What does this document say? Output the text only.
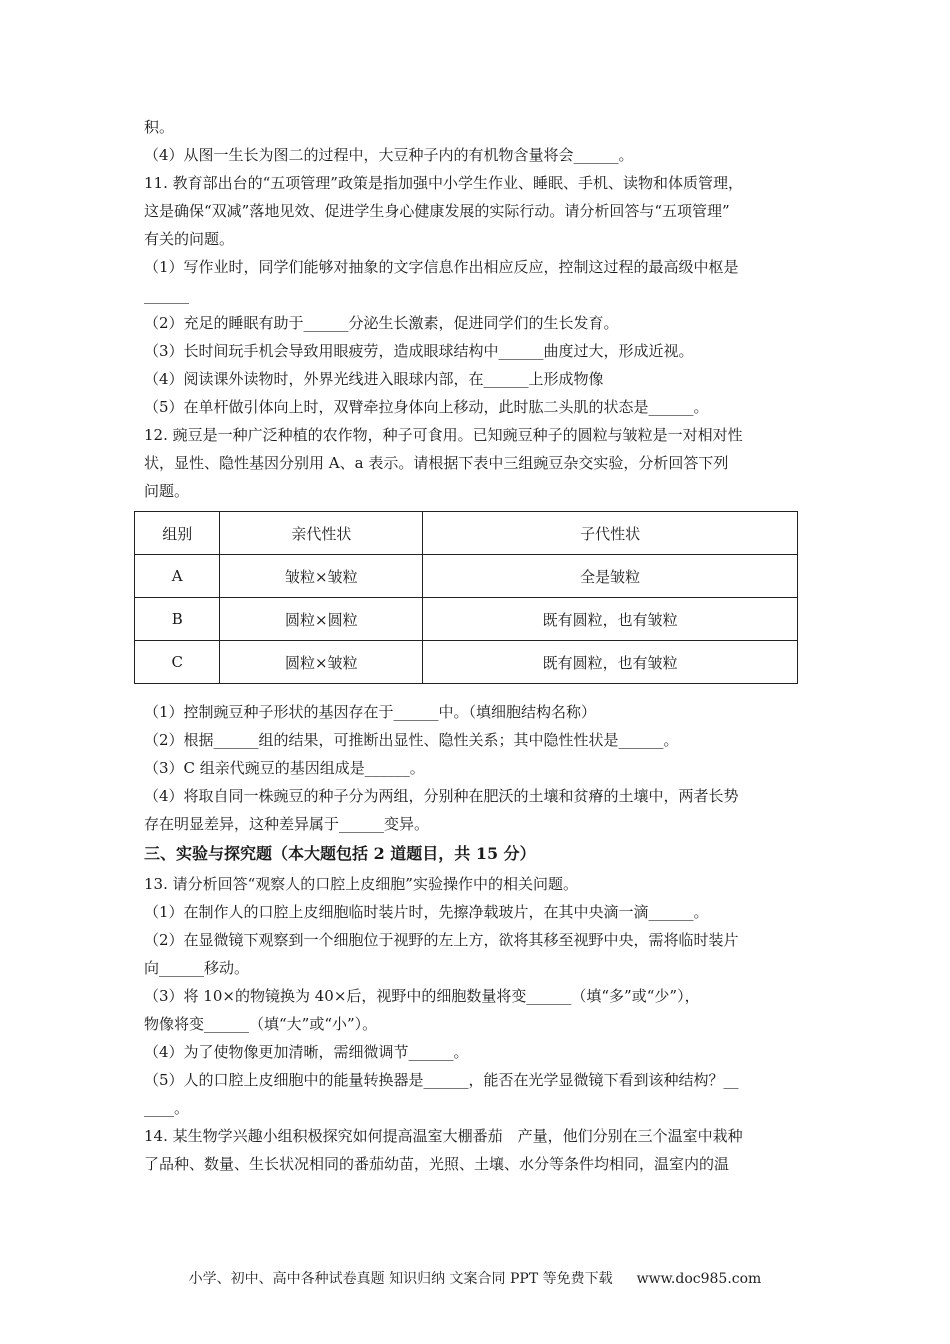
积。
（4）从图一生长为图二的过程中，大豆种子内的有机物含量将会______。
11. 教育部出台的“五项管理”政策是指加强中小学生作业、睡眠、手机、读物和体质管理，
这是确保“双减”落地见效、促进学生身心健康发展的实际行动。请分析回答与“五项管理”
有关的问题。
（1）写作业时，同学们能够对抽象的文字信息作出相应反应，控制这过程的最高级中枢是
______
（2）充足的睡眠有助于______分泌生长激素，促进同学们的生长发育。
（3）长时间玩手机会导致用眼疲劳，造成眼球结构中______曲度过大，形成近视。
（4）阅读课外读物时，外界光线进入眼球内部，在______上形成物像
（5）在单杆做引体向上时，双臂牵拉身体向上移动，此时肱二头肌的状态是______。
12. 豌豆是一种广泛种植的农作物，种子可食用。已知豌豆种子的圆粒与皱粒是一对相对性
状，显性、隐性基因分别用 A、a 表示。请根据下表中三组豌豆杂交实验，分析回答下列
问题。
组别	亲代性状	子代性状
A	皱粒×皱粒	全是皱粒
B	圆粒×圆粒	既有圆粒，也有皱粒
C	圆粒×皱粒	既有圆粒，也有皱粒
（1）控制豌豆种子形状的基因存在于______中。（填细胞结构名称）
（2）根据______组的结果，可推断出显性、隐性关系；其中隐性性状是______。
（3）C 组亲代豌豆的基因组成是______。
（4）将取自同一株豌豆的种子分为两组，分别种在肥沃的土壤和贫瘠的土壤中，两者长势
存在明显差异，这种差异属于______变异。
三、实验与探究题（本大题包括 2 道题目，共 15 分）
13. 请分析回答“观察人的口腔上皮细胞”实验操作中的相关问题。
（1）在制作人的口腔上皮细胞临时装片时，先擦净载玻片，在其中央滴一滴______。
（2）在显微镜下观察到一个细胞位于视野的左上方，欲将其移至视野中央，需将临时装片
向______移动。
（3）将 10×的物镜换为 40×后，视野中的细胞数量将变______（填“多”或“少”），
物像将变______（填“大”或“小”）。
（4）为了使物像更加清晰，需细微调节______。
（5）人的口腔上皮细胞中的能量转换器是______，能否在光学显微镜下看到该种结构？__
____。
14. 某生物学兴趣小组积极探究如何提高温室大棚番茄　产量，他们分别在三个温室中栽种
了品种、数量、生长状况相同的番茄幼苗，光照、土壤、水分等条件均相同，温室内的温
小学、初中、高中各种试卷真题 知识归纳 文案合同 PPT 等免费下载 www.doc985.com
